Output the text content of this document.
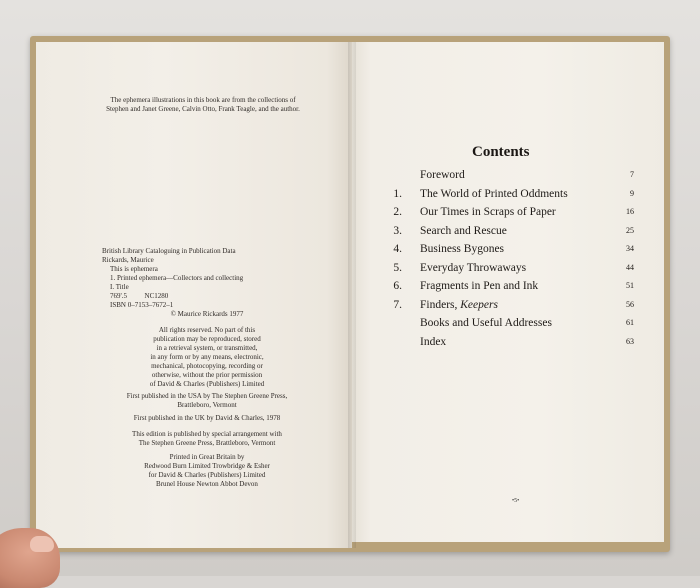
The ephemera illustrations in this book are from the collections of
Stephen and Janet Greene, Calvin Otto, Frank Teagle, and the author.
British Library Cataloguing in Publication Data
Rickards, Maurice
This is ephemera
1. Printed ephemera—Collectors and collecting
I. Title
769'.5          NC1280
ISBN 0–7153–7672–1
© Maurice Rickards 1977
All rights reserved. No part of this
publication may be reproduced, stored
in a retrieval system, or transmitted,
in any form or by any means, electronic,
mechanical, photocopying, recording or
otherwise, without the prior permission
of David & Charles (Publishers) Limited
First published in the USA by The Stephen Greene Press,
Brattleboro, Vermont
First published in the UK by David & Charles, 1978
This edition is published by special arrangement with
The Stephen Greene Press, Brattleboro, Vermont
Printed in Great Britain by
Redwood Burn Limited Trowbridge & Esher
for David & Charles (Publishers) Limited
Brunel House Newton Abbot Devon
Contents
Foreword	7
1. The World of Printed Oddments	9
2. Our Times in Scraps of Paper	16
3. Search and Rescue	25
4. Business Bygones	34
5. Everyday Throwaways	44
6. Fragments in Pen and Ink	51
7. Finders, Keepers	56
Books and Useful Addresses	61
Index	63
•5•
